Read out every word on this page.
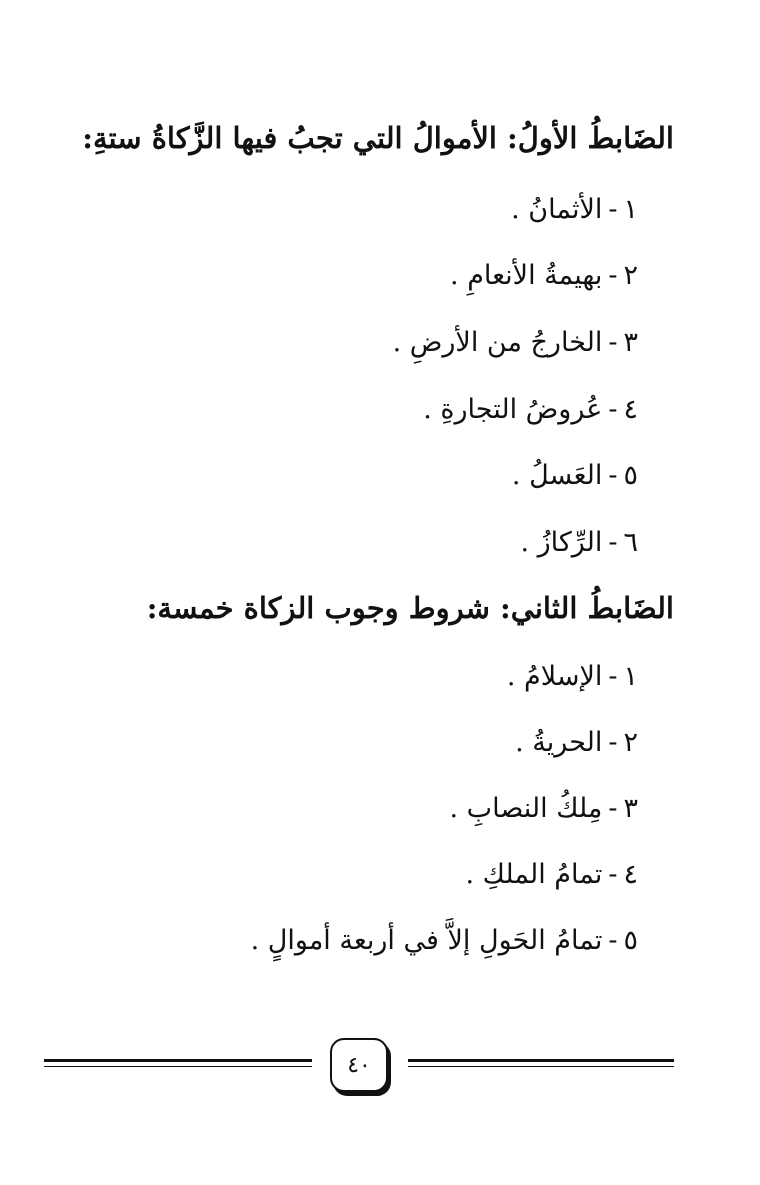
الضَابطُ الأولُ: الأموالُ التي تجبُ فيها الزَّكاةُ ستةِ:

١-الأثمانُ .

٢-بهيمةُ الأنعامِ .

٣-الخارجُ من الأرضِ .

٤-عُروضُ التجارةِ .

٥-العَسلُ .

٦-الرِّكازُ .

الضَابطُ الثاني: شروط وجوب الزكاة خمسة:

١-الإسلامُ .

٢-الحريةُ .

٣-مِلكُ النصابِ .

٤-تمامُ الملكِ .

٥-تمامُ الحَولِ إلاَّ في أربعة أموالٍ .

٤٠
